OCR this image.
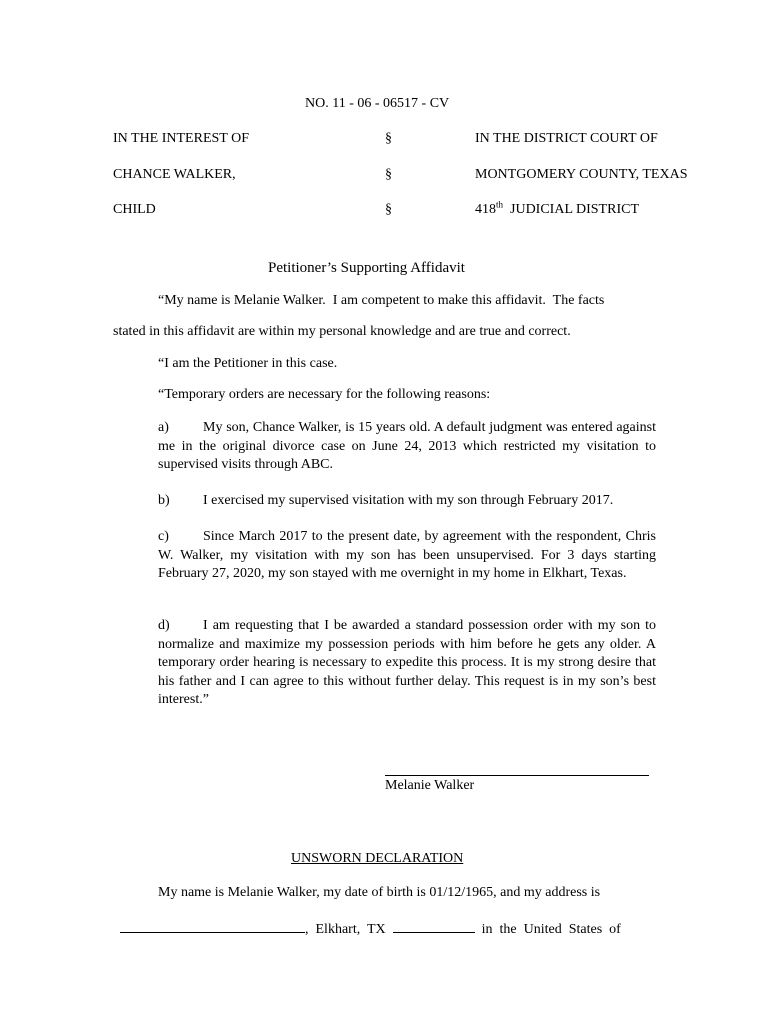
NO. 11 - 06 - 06517 - CV
IN THE INTEREST OF	§	IN THE DISTRICT COURT OF
CHANCE WALKER,	§	MONTGOMERY COUNTY, TEXAS
CHILD	§	418th JUDICIAL DISTRICT
Petitioner’s Supporting Affidavit
“My name is Melanie Walker.  I am competent to make this affidavit.  The facts
stated in this affidavit are within my personal knowledge and are true and correct.
“I am the Petitioner in this case.
“Temporary orders are necessary for the following reasons:
a) My son, Chance Walker, is 15 years old. A default judgment was entered against me in the original divorce case on June 24, 2013 which restricted my visitation to supervised visits through ABC.
b) I exercised my supervised visitation with my son through February 2017.
c) Since March 2017 to the present date, by agreement with the respondent, Chris W. Walker, my visitation with my son has been unsupervised. For 3 days starting February 27, 2020, my son stayed with me overnight in my home in Elkhart, Texas.
d) I am requesting that I be awarded a standard possession order with my son to normalize and maximize my possession periods with him before he gets any older. A temporary order hearing is necessary to expedite this process. It is my strong desire that his father and I can agree to this without further delay. This request is in my son’s best interest.”
Melanie Walker
UNSWORN DECLARATION
My name is Melanie Walker, my date of birth is 01/12/1965, and my address is

,  Elkhart,  TX	in  the  United  States  of
